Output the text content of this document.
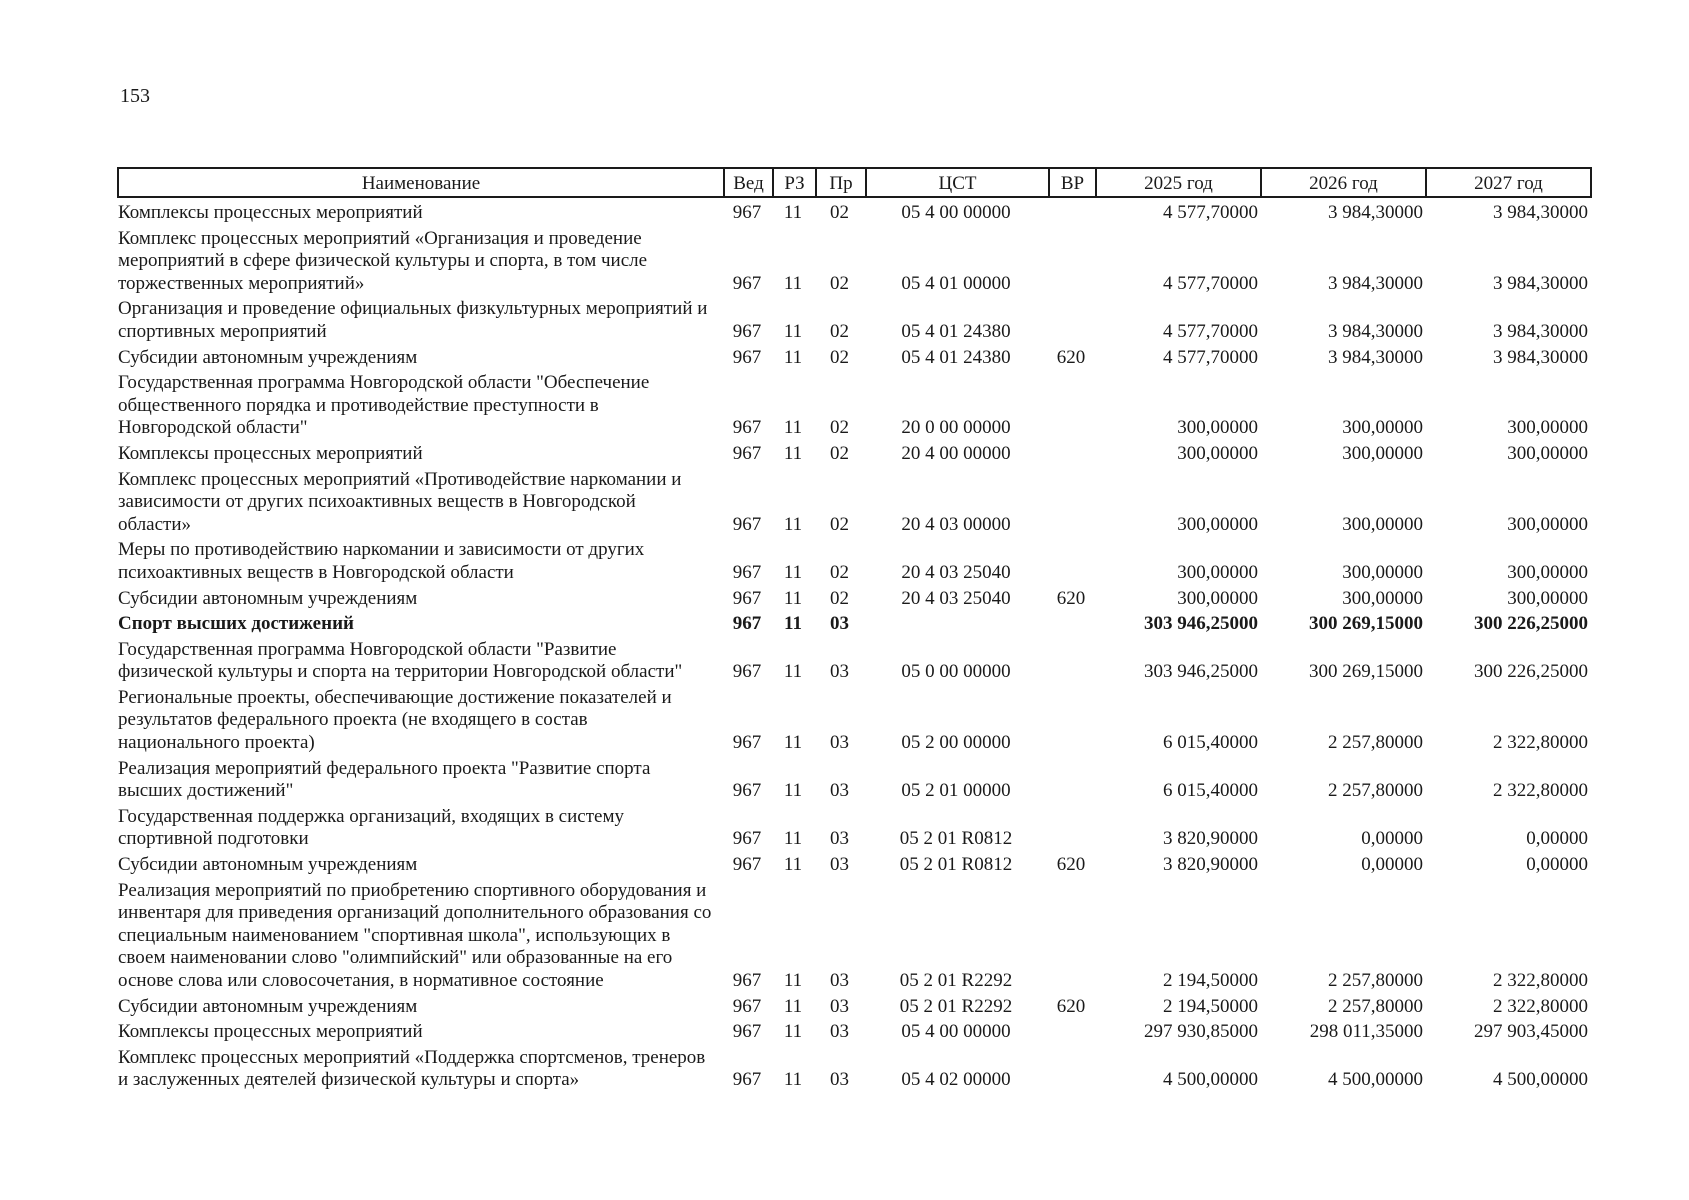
153
Наименование	Вед	РЗ	Пр	ЦСТ	ВР	2025 год	2026 год	2027 год
Комплексы процессных мероприятий	967	11	02	05 4 00 00000		4 577,70000	3 984,30000	3 984,30000
Комплекс процессных мероприятий «Организация и проведение мероприятий в сфере физической культуры и спорта, в том числе торжественных мероприятий»	967	11	02	05 4 01 00000		4 577,70000	3 984,30000	3 984,30000
Организация и проведение официальных физкультурных мероприятий и спортивных мероприятий	967	11	02	05 4 01 24380		4 577,70000	3 984,30000	3 984,30000
Субсидии автономным учреждениям	967	11	02	05 4 01 24380	620	4 577,70000	3 984,30000	3 984,30000
Государственная программа Новгородской области "Обеспечение общественного порядка и противодействие преступности в Новгородской области"	967	11	02	20 0 00 00000		300,00000	300,00000	300,00000
Комплексы процессных мероприятий	967	11	02	20 4 00 00000		300,00000	300,00000	300,00000
Комплекс процессных мероприятий «Противодействие наркомании и зависимости от других психоактивных веществ в Новгородской области»	967	11	02	20 4 03 00000		300,00000	300,00000	300,00000
Меры по противодействию наркомании и зависимости от других психоактивных веществ в Новгородской области	967	11	02	20 4 03 25040		300,00000	300,00000	300,00000
Субсидии автономным учреждениям	967	11	02	20 4 03 25040	620	300,00000	300,00000	300,00000
Спорт высших достижений	967	11	03			303 946,25000	300 269,15000	300 226,25000
Государственная программа Новгородской области "Развитие физической культуры и спорта на территории Новгородской области"	967	11	03	05 0 00 00000		303 946,25000	300 269,15000	300 226,25000
Региональные проекты, обеспечивающие достижение показателей и результатов федерального проекта (не входящего в состав национального проекта)	967	11	03	05 2 00 00000		6 015,40000	2 257,80000	2 322,80000
Реализация мероприятий федерального проекта "Развитие спорта высших достижений"	967	11	03	05 2 01 00000		6 015,40000	2 257,80000	2 322,80000
Государственная поддержка организаций, входящих в систему спортивной подготовки	967	11	03	05 2 01 R0812		3 820,90000	0,00000	0,00000
Субсидии автономным учреждениям	967	11	03	05 2 01 R0812	620	3 820,90000	0,00000	0,00000
Реализация мероприятий по приобретению спортивного оборудования и инвентаря для приведения организаций дополнительного образования со специальным наименованием "спортивная школа", использующих в своем наименовании слово "олимпийский" или образованные на его основе слова или словосочетания, в нормативное состояние	967	11	03	05 2 01 R2292		2 194,50000	2 257,80000	2 322,80000
Субсидии автономным учреждениям	967	11	03	05 2 01 R2292	620	2 194,50000	2 257,80000	2 322,80000
Комплексы процессных мероприятий	967	11	03	05 4 00 00000		297 930,85000	298 011,35000	297 903,45000
Комплекс процессных мероприятий «Поддержка спортсменов, тренеров и заслуженных деятелей физической культуры и спорта»	967	11	03	05 4 02 00000		4 500,00000	4 500,00000	4 500,00000
